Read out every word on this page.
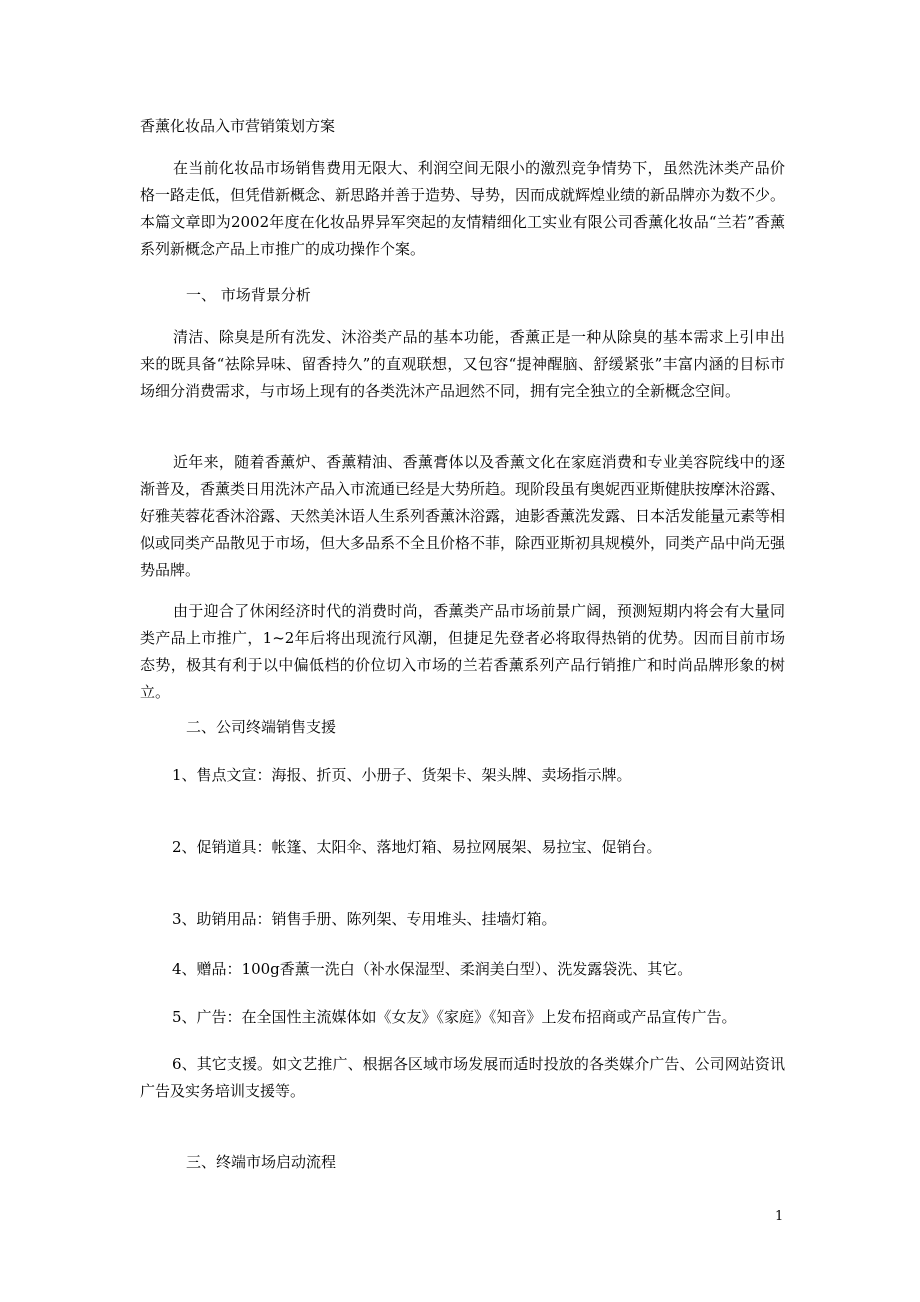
香薰化妆品入市营销策划方案

在当前化妆品市场销售费用无限大、利润空间无限小的激烈竞争情势下，虽然洗沐类产品价格一路走低，但凭借新概念、新思路并善于造势、导势，因而成就辉煌业绩的新品牌亦为数不少。本篇文章即为2002年度在化妆品界异军突起的友情精细化工实业有限公司香薰化妆品“兰若”香薰系列新概念产品上市推广的成功操作个案。

一、 市场背景分析

清洁、除臭是所有洗发、沐浴类产品的基本功能，香薰正是一种从除臭的基本需求上引申出来的既具备“祛除异味、留香持久”的直观联想，又包容“提神醒脑、舒缓紧张”丰富内涵的目标市场细分消费需求，与市场上现有的各类洗沐产品迥然不同，拥有完全独立的全新概念空间。

近年来，随着香薰炉、香薰精油、香薰膏体以及香薰文化在家庭消费和专业美容院线中的逐渐普及，香薰类日用洗沐产品入市流通已经是大势所趋。现阶段虽有奥妮西亚斯健肤按摩沐浴露、好雅芙蓉花香沐浴露、天然美沐语人生系列香薰沐浴露，迪影香薰洗发露、日本活发能量元素等相似或同类产品散见于市场，但大多品系不全且价格不菲，除西亚斯初具规模外，同类产品中尚无强势品牌。

由于迎合了休闲经济时代的消费时尚，香薰类产品市场前景广阔，预测短期内将会有大量同类产品上市推广，1~2年后将出现流行风潮，但捷足先登者必将取得热销的优势。因而目前市场态势，极其有利于以中偏低档的价位切入市场的兰若香薰系列产品行销推广和时尚品牌形象的树立。

二、公司终端销售支援
1、售点文宣：海报、折页、小册子、货架卡、架头牌、卖场指示牌。
2、促销道具：帐篷、太阳伞、落地灯箱、易拉网展架、易拉宝、促销台。
3、助销用品：销售手册、陈列架、专用堆头、挂墙灯箱。
4、赠品：100g香薰一洗白（补水保湿型、柔润美白型）、洗发露袋洗、其它。
5、广告：在全国性主流媒体如《女友》《家庭》《知音》上发布招商或产品宣传广告。

6、其它支援。如文艺推广、根据各区域市场发展而适时投放的各类媒介广告、公司网站资讯广告及实务培训支援等。

三、终端市场启动流程
1
